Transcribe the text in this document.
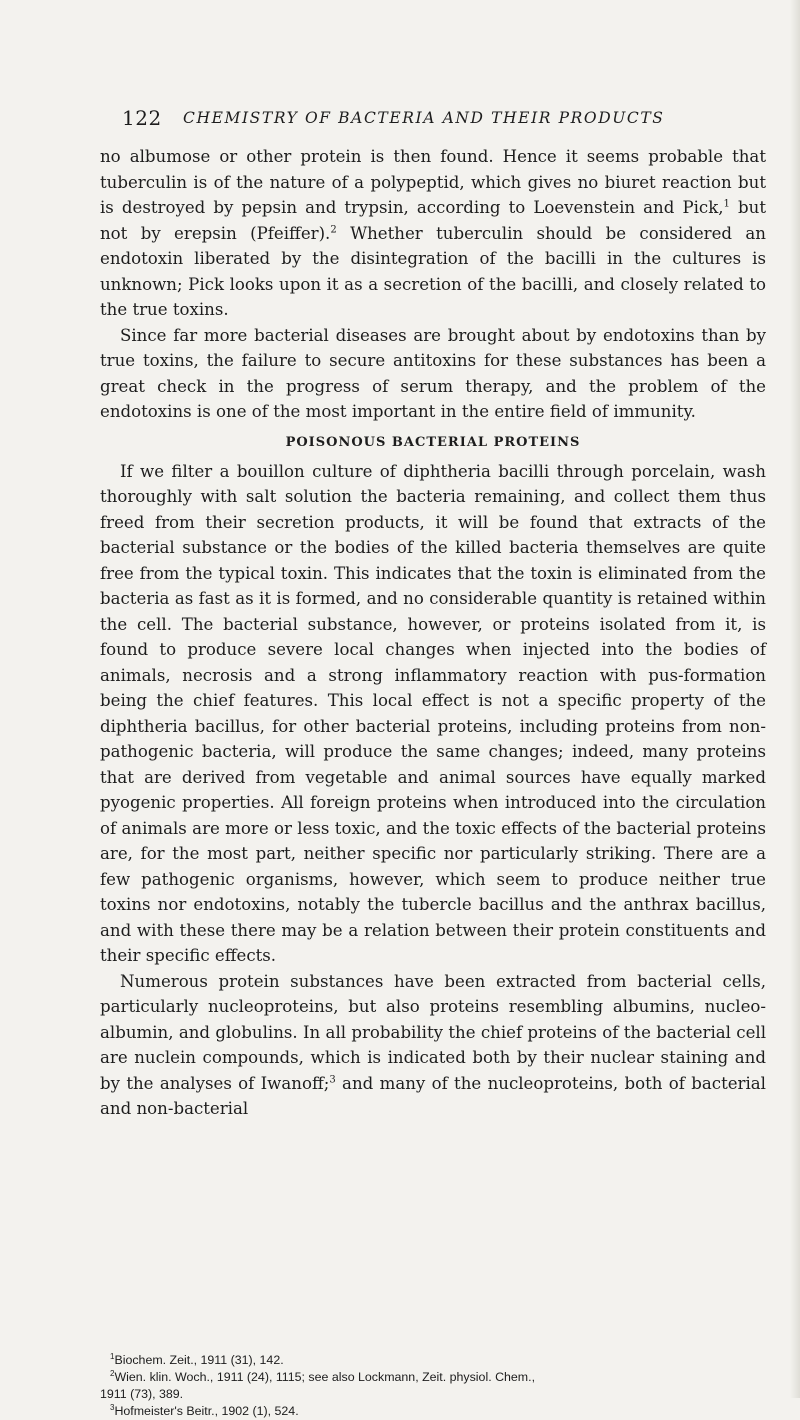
122 CHEMISTRY OF BACTERIA AND THEIR PRODUCTS

no albumose or other protein is then found. Hence it seems probable that tuberculin is of the nature of a polypeptid, which gives no biuret reaction but is destroyed by pepsin and trypsin, according to Loevenstein and Pick,$^1$ but not by erepsin (Pfeiffer).$^2$ Whether tuberculin should be considered an endotoxin liberated by the disintegration of the bacilli in the cultures is unknown; Pick looks upon it as a secretion of the bacilli, and closely related to the true toxins.

Since far more bacterial diseases are brought about by endotoxins than by true toxins, the failure to secure antitoxins for these substances has been a great check in the progress of serum therapy, and the problem of the endotoxins is one of the most important in the entire field of immunity.

POISONOUS BACTERIAL PROTEINS

If we filter a bouillon culture of diphtheria bacilli through porcelain, wash thoroughly with salt solution the bacteria remaining, and collect them thus freed from their secretion products, it will be found that extracts of the bacterial substance or the bodies of the killed bacteria themselves are quite free from the typical toxin. This indicates that the toxin is eliminated from the bacteria as fast as it is formed, and no considerable quantity is retained within the cell. The bacterial substance, however, or proteins isolated from it, is found to produce severe local changes when injected into the bodies of animals, necrosis and a strong inflammatory reaction with pus-formation being the chief features. This local effect is not a specific property of the diphtheria bacillus, for other bacterial proteins, including proteins from non-pathogenic bacteria, will produce the same changes; indeed, many proteins that are derived from vegetable and animal sources have equally marked pyogenic properties. All foreign proteins when introduced into the circulation of animals are more or less toxic, and the toxic effects of the bacterial proteins are, for the most part, neither specific nor particularly striking. There are a few pathogenic organisms, however, which seem to produce neither true toxins nor endotoxins, notably the tubercle bacillus and the anthrax bacillus, and with these there may be a relation between their protein constituents and their specific effects.

Numerous protein substances have been extracted from bacterial cells, particularly nucleoproteins, but also proteins resembling albumins, nucleo-albumin, and globulins. In all probability the chief proteins of the bacterial cell are nuclein compounds, which is indicated both by their nuclear staining and by the analyses of Iwanoff;$^3$ and many of the nucleoproteins, both of bacterial and non-bacterial

$^1$Biochem. Zeit., 1911 (31), 142.
$^2$Wien. klin. Woch., 1911 (24), 1115; see also Lockmann, Zeit. physiol. Chem.,
1911 (73), 389.
$^3$Hofmeister's Beitr., 1902 (1), 524.
